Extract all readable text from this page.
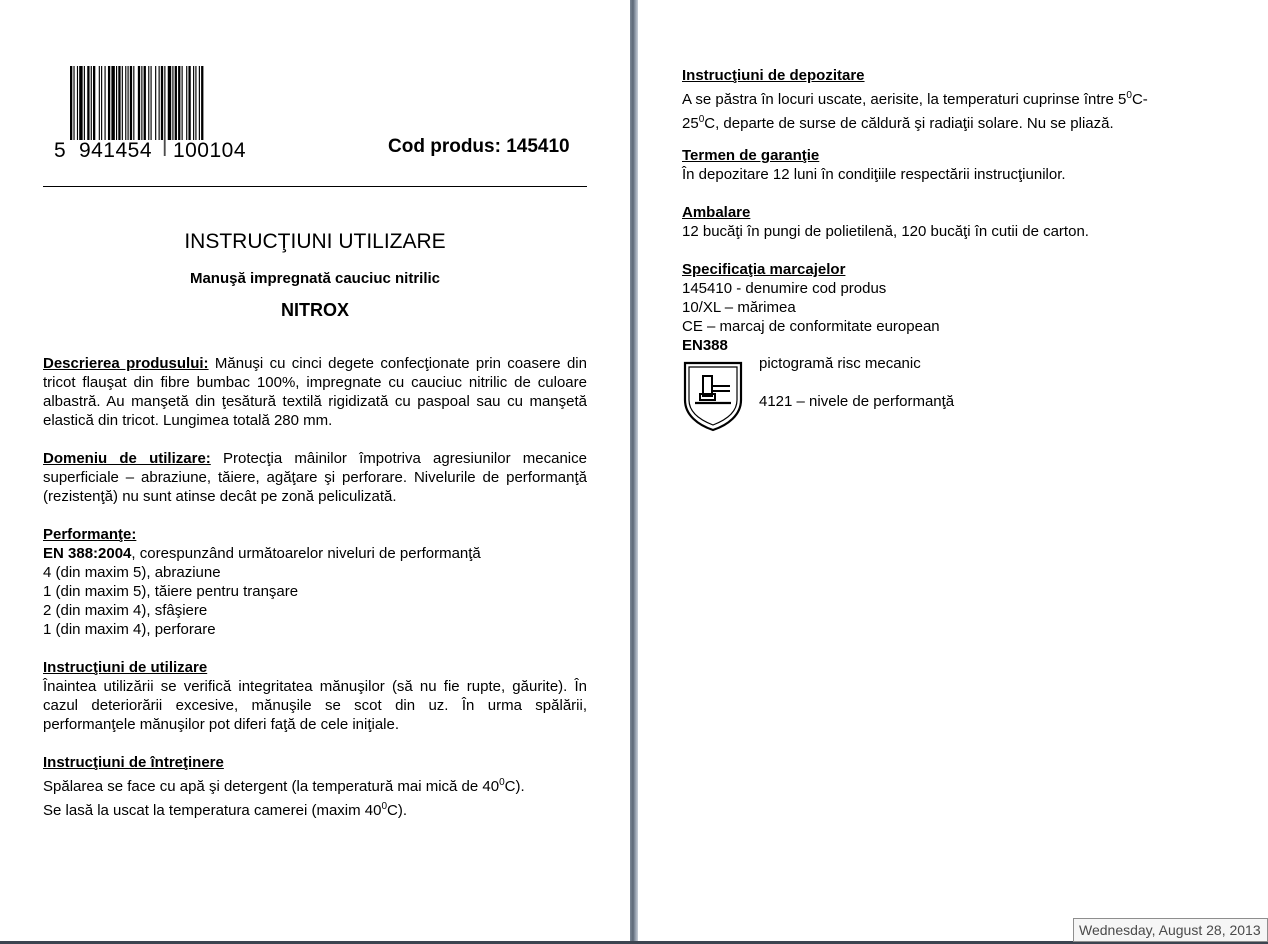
5 941454 100104	Cod produs: 145410
INSTRUCŢIUNI UTILIZARE
Manuşă impregnată cauciuc nitrilic
NITROX
Descrierea produsului: Mănuşi cu cinci degete confecţionate prin coasere din tricot flauşat din fibre bumbac 100%, impregnate cu cauciuc nitrilic de culoare albastră. Au manşetă din ţesătură textilă rigidizată cu paspoal sau cu manşetă elastică din tricot. Lungimea totală 280 mm.
Domeniu de utilizare: Protecţia mâinilor împotriva agresiunilor mecanice superficiale – abraziune, tăiere, agăţare şi perforare. Nivelurile de performanţă (rezistenţă) nu sunt atinse decât pe zonă peliculizată.
Performanţe:
EN 388:2004, corespunzând următoarelor niveluri de performanţă
4 (din maxim 5), abraziune
1 (din maxim 5), tăiere pentru tranşare
2 (din maxim 4), sfâşiere
1 (din maxim 4), perforare
Instrucţiuni de utilizare
Înaintea utilizării se verifică integritatea mănuşilor (să nu fie rupte, găurite). În cazul deteriorării excesive, mănuşile se scot din uz. În urma spălării, performanţele mănuşilor pot diferi faţă de cele iniţiale.
Instrucţiuni de întreţinere
Spălarea se face cu apă şi detergent (la temperatură mai mică de $40^0C$).
Se lasă la uscat la temperatura camerei (maxim $40^0C$).
Instrucţiuni de depozitare
A se păstra în locuri uscate, aerisite, la temperaturi cuprinse între $5^0C-$
$25^0C$, departe de surse de căldură şi radiaţii solare. Nu se pliază.
Termen de garanţie
În depozitare 12 luni în condiţiile respectării instrucţiunilor.
Ambalare
12 bucăţi în pungi de polietilenă, 120 bucăţi în cutii de carton.
Specificaţia marcajelor
145410 - denumire cod produs
10/XL – mărimea
CE – marcaj de conformitate european
EN388
pictogramă risc mecanic
4121 – nivele de performanţă
Wednesday, August 28, 2013
